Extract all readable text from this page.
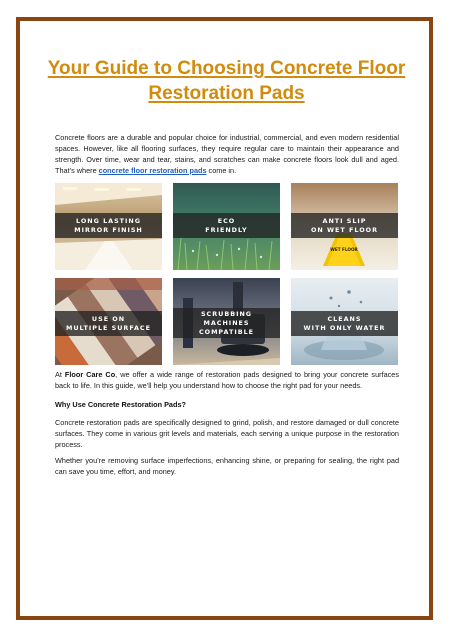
Your Guide to Choosing Concrete Floor
Restoration Pads

Concrete floors are a durable and popular choice for industrial, commercial, and even modern residential spaces. However, like all flooring surfaces, they require regular care to maintain their appearance and strength. Over time, wear and tear, stains, and scratches can make concrete floors look dull and aged. That’s where concrete floor restoration pads come in.

LONG LASTING
MIRROR FINISH
ECO
FRIENDLY
WET FLOOR
ANTI SLIP
ON WET FLOOR
USE ON
MULTIPLE SURFACE
SCRUBBING
MACHINES
COMPATIBLE
CLEANS
WITH ONLY WATER

At Floor Care Co, we offer a wide range of restoration pads designed to bring your concrete surfaces back to life. In this guide, we’ll help you understand how to choose the right pad for your needs.

Why Use Concrete Restoration Pads?

Concrete restoration pads are specifically designed to grind, polish, and restore damaged or dull concrete surfaces. They come in various grit levels and materials, each serving a unique purpose in the restoration process.

Whether you’re removing surface imperfections, enhancing shine, or preparing for sealing, the right pad can save you time, effort, and money.
